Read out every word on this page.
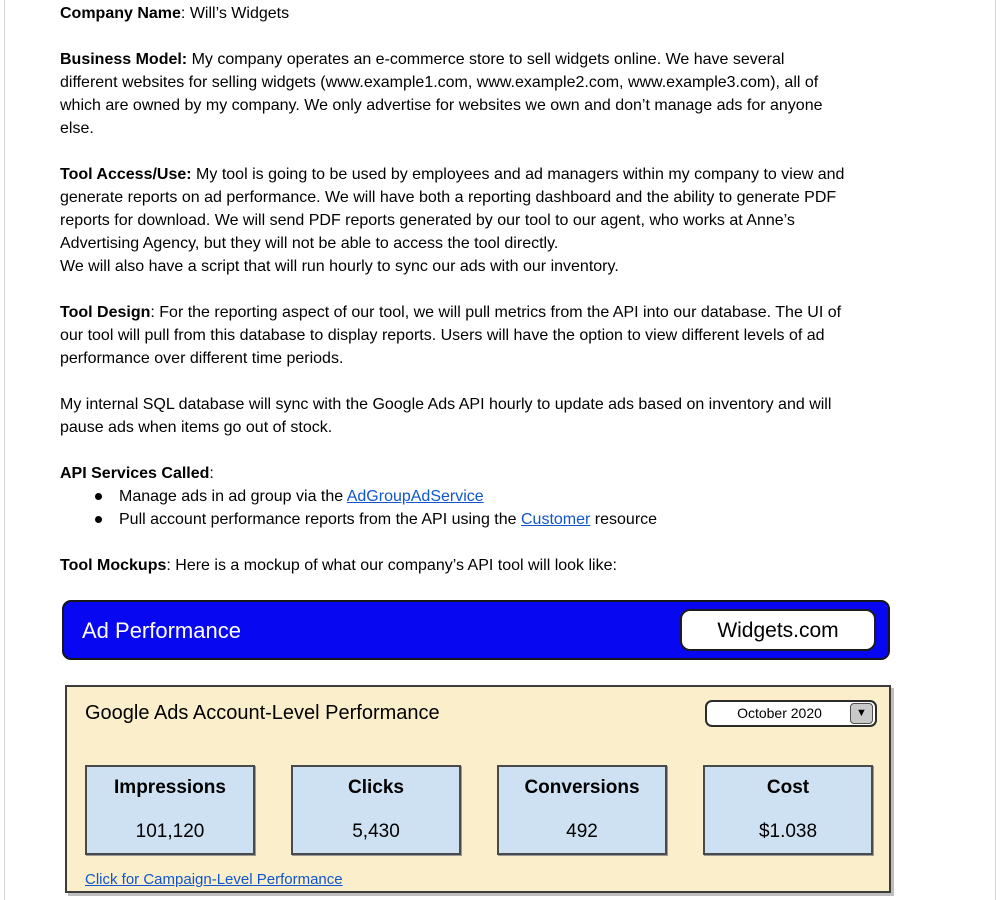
Company Name: Will’s Widgets

Business Model: My company operates an e-commerce store to sell widgets online. We have several
different websites for selling widgets (www.example1.com, www.example2.com, www.example3.com), all of
which are owned by my company. We only advertise for websites we own and don’t manage ads for anyone
else.

Tool Access/Use: My tool is going to be used by employees and ad managers within my company to view and
generate reports on ad performance. We will have both a reporting dashboard and the ability to generate PDF
reports for download. We will send PDF reports generated by our tool to our agent, who works at Anne’s
Advertising Agency, but they will not be able to access the tool directly.
We will also have a script that will run hourly to sync our ads with our inventory.

Tool Design: For the reporting aspect of our tool, we will pull metrics from the API into our database. The UI of
our tool will pull from this database to display reports. Users will have the option to view different levels of ad
performance over different time periods.

My internal SQL database will sync with the Google Ads API hourly to update ads based on inventory and will
pause ads when items go out of stock.

API Services Called:

Manage ads in ad group via the AdGroupAdService
Pull account performance reports from the API using the Customer resource

Tool Mockups: Here is a mockup of what our company’s API tool will look like:

Ad Performance	Widgets.com
Google Ads Account-Level Performance	October 2020	▼
Impressions
101,120
Clicks
5,430
Conversions
492
Cost
$1.038
Click for Campaign-Level Performance
